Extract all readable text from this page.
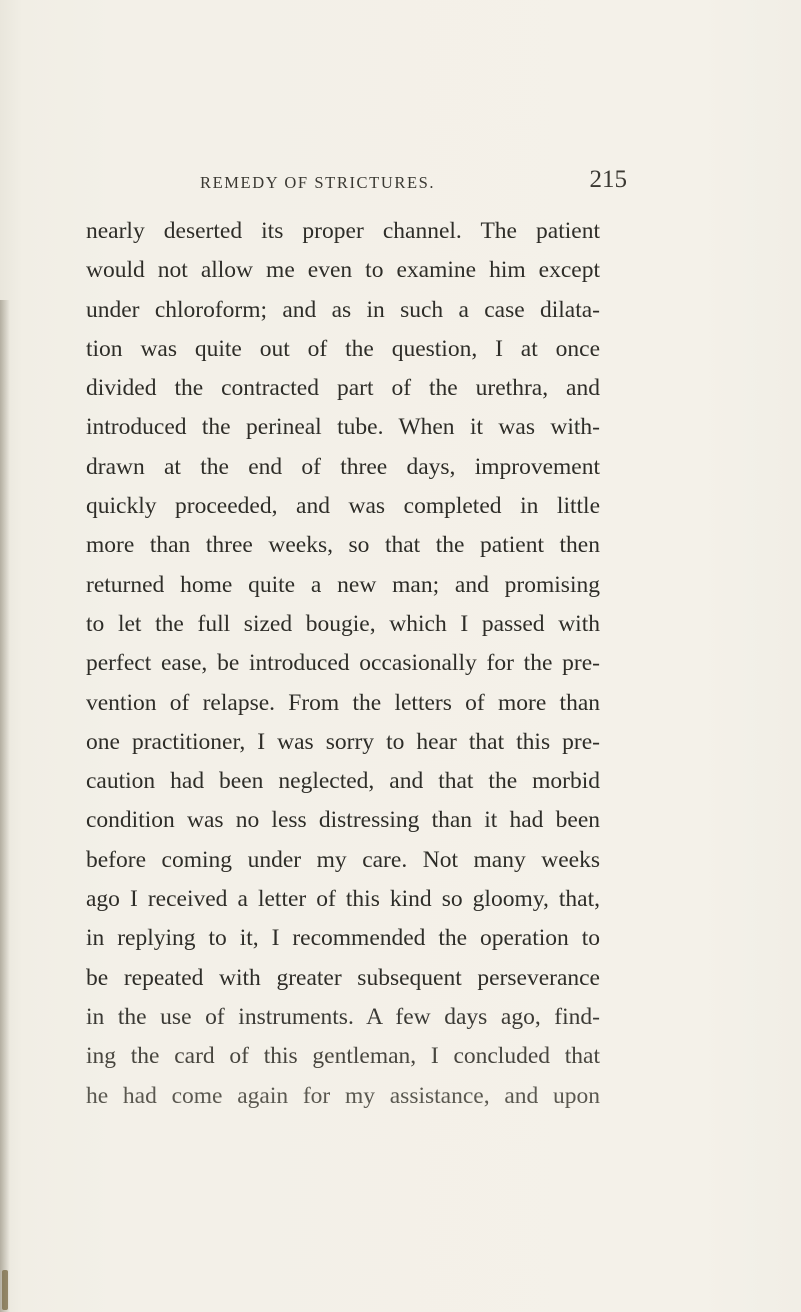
REMEDY OF STRICTURES.	215
nearly deserted its proper channel. The patient
would not allow me even to examine him except
under chloroform; and as in such a case dilata-
tion was quite out of the question, I at once
divided the contracted part of the urethra, and
introduced the perineal tube. When it was with-
drawn at the end of three days, improvement
quickly proceeded, and was completed in little
more than three weeks, so that the patient then
returned home quite a new man; and promising
to let the full sized bougie, which I passed with
perfect ease, be introduced occasionally for the pre-
vention of relapse. From the letters of more than
one practitioner, I was sorry to hear that this pre-
caution had been neglected, and that the morbid
condition was no less distressing than it had been
before coming under my care. Not many weeks
ago I received a letter of this kind so gloomy, that,
in replying to it, I recommended the operation to
be repeated with greater subsequent perseverance
in the use of instruments. A few days ago, find-
ing the card of this gentleman, I concluded that
he had come again for my assistance, and upon
